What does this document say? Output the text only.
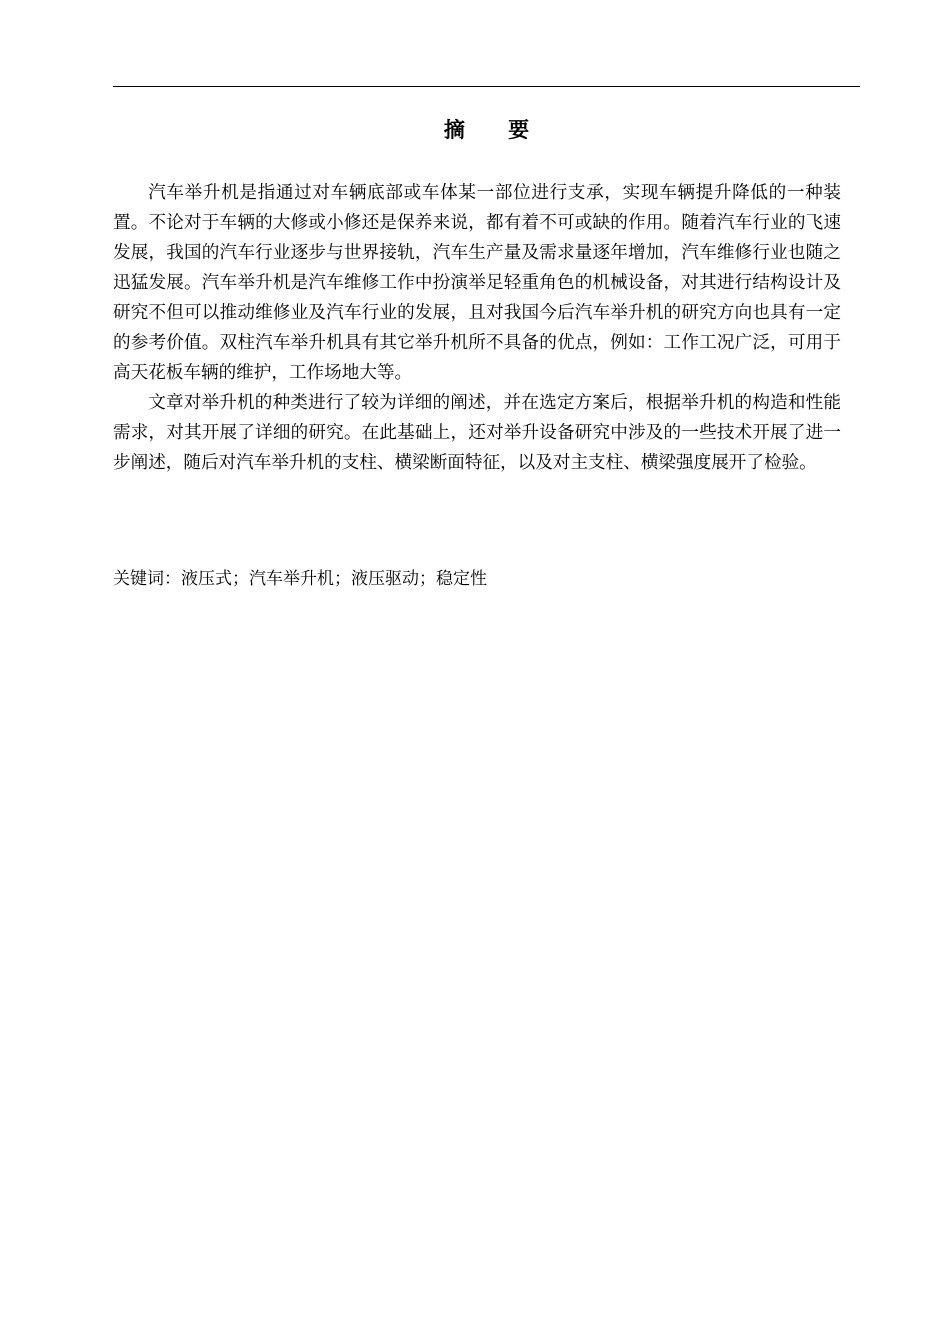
摘 要

汽车举升机是指通过对车辆底部或车体某一部位进行支承，实现车辆提升降低的一种装置。不论对于车辆的大修或小修还是保养来说，都有着不可或缺的作用。随着汽车行业的飞速发展，我国的汽车行业逐步与世界接轨，汽车生产量及需求量逐年增加，汽车维修行业也随之迅猛发展。汽车举升机是汽车维修工作中扮演举足轻重角色的机械设备，对其进行结构设计及研究不但可以推动维修业及汽车行业的发展，且对我国今后汽车举升机的研究方向也具有一定的参考价值。双柱汽车举升机具有其它举升机所不具备的优点，例如：工作工况广泛，可用于高天花板车辆的维护，工作场地大等。

文章对举升机的种类进行了较为详细的阐述，并在选定方案后，根据举升机的构造和性能需求，对其开展了详细的研究。在此基础上，还对举升设备研究中涉及的一些技术开展了进一步阐述，随后对汽车举升机的支柱、横梁断面特征，以及对主支柱、横梁强度展开了检验。

关键词：液压式；汽车举升机；液压驱动；稳定性
